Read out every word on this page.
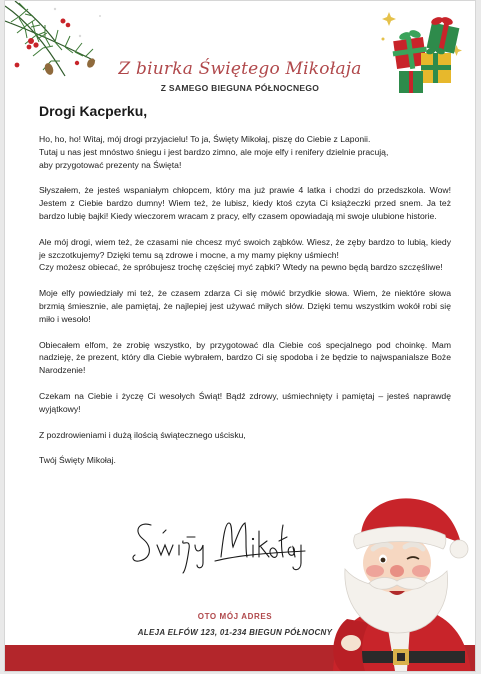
Z biurka Świętego Mikołaja
Z SAMEGO BIEGUNA PÓŁNOCNEGO
Drogi Kacperku,

Ho, ho, ho! Witaj, mój drogi przyjacielu! To ja, Święty Mikołaj, piszę do Ciebie z Laponii.
Tutaj u nas jest mnóstwo śniegu i jest bardzo zimno, ale moje elfy i renifery dzielnie pracują,
aby przygotować prezenty na Święta!

Słyszałem, że jesteś wspaniałym chłopcem, który ma już prawie 4 latka i chodzi do przedszkola. Wow! Jestem z Ciebie bardzo dumny! Wiem też, że lubisz, kiedy ktoś czyta Ci książeczki przed snem. Ja też bardzo lubię bajki! Kiedy wieczorem wracam z pracy, elfy czasem opowiadają mi swoje ulubione historie.

Ale mój drogi, wiem też, że czasami nie chcesz myć swoich ząbków. Wiesz, że zęby bardzo to lubią, kiedy je szczotkujemy? Dzięki temu są zdrowe i mocne, a my mamy piękny uśmiech!
Czy możesz obiecać, że spróbujesz trochę częściej myć ząbki? Wtedy na pewno będą bardzo szczęśliwe!

Moje elfy powiedziały mi też, że czasem zdarza Ci się mówić brzydkie słowa. Wiem, że niektóre słowa brzmią śmiesznie, ale pamiętaj, że najlepiej jest używać miłych słów. Dzięki temu wszystkim wokół robi się miło i wesoło!

Obiecałem elfom, że zrobię wszystko, by przygotować dla Ciebie coś specjalnego pod choinkę. Mam nadzieję, że prezent, który dla Ciebie wybrałem, bardzo Ci się spodoba i że będzie to najwspanialsze Boże Narodzenie!

Czekam na Ciebie i życzę Ci wesołych Świąt! Bądź zdrowy, uśmiechnięty i pamiętaj – jesteś naprawdę wyjątkowy!

Z pozdrowieniami i dużą ilością świątecznego uścisku,

Twój Święty Mikołaj.

OTO MÓJ ADRES
ALEJA ELFÓW 123, 01-234 BIEGUN PÓŁNOCNY
